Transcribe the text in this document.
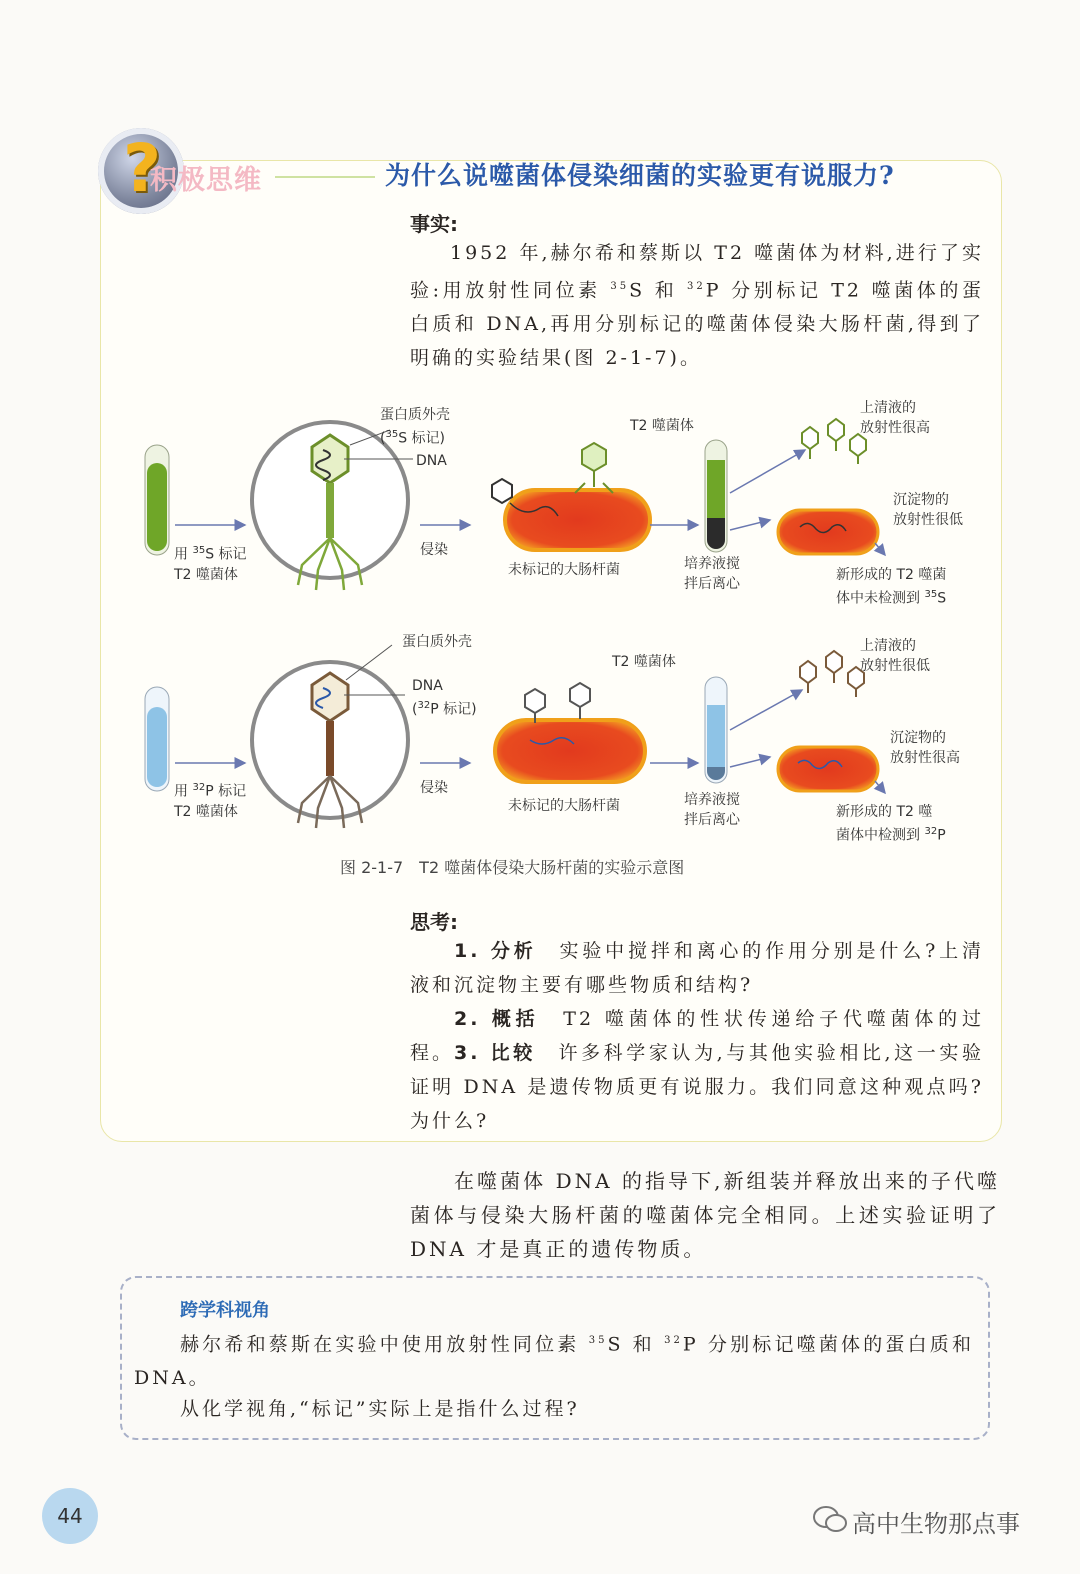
?
积极思维	为什么说噬菌体侵染细菌的实验更有说服力?
事实:
1952 年,赫尔希和蔡斯以 T2 噬菌体为材料,进行了实验:用放射性同位素 $^{35}$S 和 $^{32}$P 分别标记 T2 噬菌体的蛋白质和 DNA,再用分别标记的噬菌体侵染大肠杆菌,得到了明确的实验结果(图 2-1-7)。
用 $^{35}$S 标记
T2 噬菌体
蛋白质外壳
($^{35}$S 标记)
DNA
侵染
T2 噬菌体
未标记的大肠杆菌	培养液搅
拌后离心
上清液的
放射性很高
沉淀物的
放射性很低
新形成的 T2 噬菌
体中未检测到 $^{35}$S
用 $^{32}$P 标记
T2 噬菌体
蛋白质外壳
DNA
($^{32}$P 标记)
侵染
T2 噬菌体
未标记的大肠杆菌	培养液搅
拌后离心
上清液的
放射性很低
沉淀物的
放射性很高
新形成的 T2 噬
菌体中检测到 $^{32}$P
图 2-1-7　T2 噬菌体侵染大肠杆菌的实验示意图
思考:
1. 分析　 实验中搅拌和离心的作用分别是什么?上清液和沉淀物主要有哪些物质和结构?
2. 概括　 T2 噬菌体的性状传递给子代噬菌体的过程。 3. 比较　 许多科学家认为,与其他实验相比,这一实验证明 DNA 是遗传物质更有说服力。我们同意这种观点吗?为什么?
在噬菌体 DNA 的指导下,新组装并释放出来的子代噬菌体与侵染大肠杆菌的噬菌体完全相同。上述实验证明了 DNA 才是真正的遗传物质。
跨学科视角
赫尔希和蔡斯在实验中使用放射性同位素 $^{35}$S 和 $^{32}$P 分别标记噬菌体的蛋白质和 DNA。
从化学视角,“标记”实际上是指什么过程?
44	高中生物那点事
